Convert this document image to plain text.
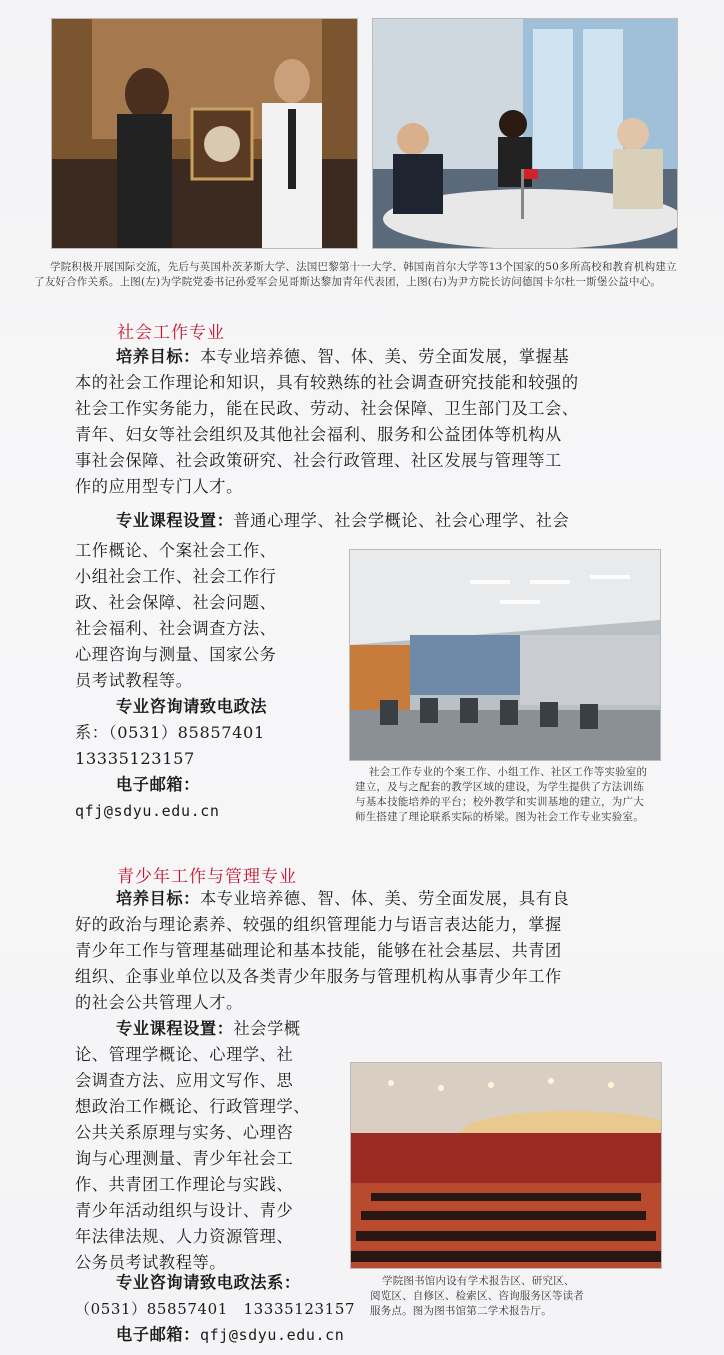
学院积极开展国际交流，先后与英国朴茨茅斯大学、法国巴黎第十一大学、韩国南首尔大学等13个国家的50多所高校和教育机构建立
了友好合作关系。上图(左)为学院党委书记孙爱军会见哥斯达黎加青年代表团，上图(右)为尹方院长访问德国卡尔杜一斯堡公益中心。
社会工作专业
培养目标：本专业培养德、智、体、美、劳全面发展，掌握基
本的社会工作理论和知识，具有较熟练的社会调查研究技能和较强的
社会工作实务能力，能在民政、劳动、社会保障、卫生部门及工会、
青年、妇女等社会组织及其他社会福利、服务和公益团体等机构从
事社会保障、社会政策研究、社会行政管理、社区发展与管理等工
作的应用型专门人才。
专业课程设置：普通心理学、社会学概论、社会心理学、社会
工作概论、个案社会工作、
小组社会工作、社会工作行
政、社会保障、社会问题、
社会福利、社会调查方法、
心理咨询与测量、国家公务
员考试教程等。
专业咨询请致电政法
系：（0531）85857401
13335123157
电子邮箱：
qfj@sdyu.edu.cn
社会工作专业的个案工作、小组工作、社区工作等实验室的
建立，及与之配套的教学区域的建设，为学生提供了方法训练
与基本技能培养的平台；校外教学和实训基地的建立，为广大
师生搭建了理论联系实际的桥梁。图为社会工作专业实验室。
青少年工作与管理专业
培养目标：本专业培养德、智、体、美、劳全面发展，具有良
好的政治与理论素养、较强的组织管理能力与语言表达能力，掌握
青少年工作与管理基础理论和基本技能，能够在社会基层、共青团
组织、企事业单位以及各类青少年服务与管理机构从事青少年工作
的社会公共管理人才。
专业课程设置：社会学概
论、管理学概论、心理学、社
会调查方法、应用文写作、思
想政治工作概论、行政管理学、
公共关系原理与实务、心理咨
询与心理测量、青少年社会工
作、共青团工作理论与实践、
青少年活动组织与设计、青少
年法律法规、人力资源管理、
公务员考试教程等。
专业咨询请致电政法系：
（0531）85857401　13335123157
电子邮箱：qfj@sdyu.edu.cn
学院图书馆内设有学术报告区、研究区、
阅览区、自修区、检索区、咨询服务区等读者
服务点。图为图书馆第二学术报告厅。
